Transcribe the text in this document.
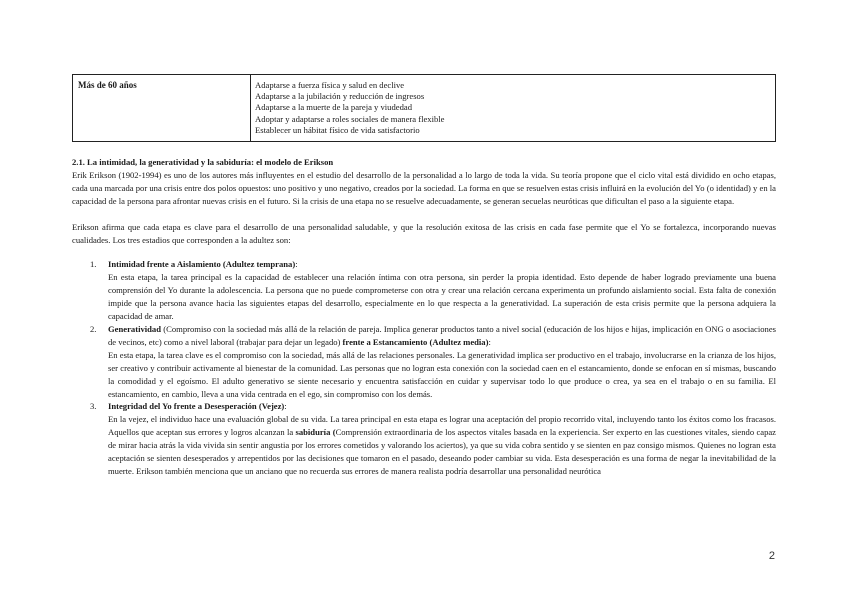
Más de 60 años	Adaptarse a fuerza física y salud en declive
Adaptarse a la jubilación y reducción de ingresos
Adaptarse a la muerte de la pareja y viudedad
Adoptar y adaptarse a roles sociales de manera flexible
Establecer un hábitat físico de vida satisfactorio

2.1. La intimidad, la generatividad y la sabiduría: el modelo de Erikson

Erik Erikson (1902-1994) es uno de los autores más influyentes en el estudio del desarrollo de la personalidad a lo largo de toda la vida. Su teoría propone que el ciclo vital está dividido en ocho etapas, cada una marcada por una crisis entre dos polos opuestos: uno positivo y uno negativo, creados por la sociedad. La forma en que se resuelven estas crisis influirá en la evolución del Yo (o identidad) y en la capacidad de la persona para afrontar nuevas crisis en el futuro. Si la crisis de una etapa no se resuelve adecuadamente, se generan secuelas neuróticas que dificultan el paso a la siguiente etapa.

Erikson afirma que cada etapa es clave para el desarrollo de una personalidad saludable, y que la resolución exitosa de las crisis en cada fase permite que el Yo se fortalezca, incorporando nuevas cualidades. Los tres estadios que corresponden a la adultez son:

1. Intimidad frente a Aislamiento (Adultez temprana):

En esta etapa, la tarea principal es la capacidad de establecer una relación íntima con otra persona, sin perder la propia identidad. Esto depende de haber logrado previamente una buena comprensión del Yo durante la adolescencia. La persona que no puede comprometerse con otra y crear una relación cercana experimenta un profundo aislamiento social. Esta falta de conexión impide que la persona avance hacia las siguientes etapas del desarrollo, especialmente en lo que respecta a la generatividad. La superación de esta crisis permite que la persona adquiera la capacidad de amar.

2. Generatividad (Compromiso con la sociedad más allá de la relación de pareja. Implica generar productos tanto a nivel social (educación de los hijos e hijas, implicación en ONG o asociaciones de vecinos, etc) como a nivel laboral (trabajar para dejar un legado) frente a Estancamiento (Adultez media):

En esta etapa, la tarea clave es el compromiso con la sociedad, más allá de las relaciones personales. La generatividad implica ser productivo en el trabajo, involucrarse en la crianza de los hijos, ser creativo y contribuir activamente al bienestar de la comunidad. Las personas que no logran esta conexión con la sociedad caen en el estancamiento, donde se enfocan en sí mismas, buscando la comodidad y el egoísmo. El adulto generativo se siente necesario y encuentra satisfacción en cuidar y supervisar todo lo que produce o crea, ya sea en el trabajo o en su familia. El estancamiento, en cambio, lleva a una vida centrada en el ego, sin compromiso con los demás.

3. Integridad del Yo frente a Desesperación (Vejez):

En la vejez, el individuo hace una evaluación global de su vida. La tarea principal en esta etapa es lograr una aceptación del propio recorrido vital, incluyendo tanto los éxitos como los fracasos. Aquellos que aceptan sus errores y logros alcanzan la sabiduría (Comprensión extraordinaria de los aspectos vitales basada en la experiencia. Ser experto en las cuestiones vitales, siendo capaz de mirar hacia atrás la vida vivida sin sentir angustia por los errores cometidos y valorando los aciertos), ya que su vida cobra sentido y se sienten en paz consigo mismos. Quienes no logran esta aceptación se sienten desesperados y arrepentidos por las decisiones que tomaron en el pasado, deseando poder cambiar su vida. Esta desesperación es una forma de negar la inevitabilidad de la muerte. Erikson también menciona que un anciano que no recuerda sus errores de manera realista podría desarrollar una personalidad neurótica

2
